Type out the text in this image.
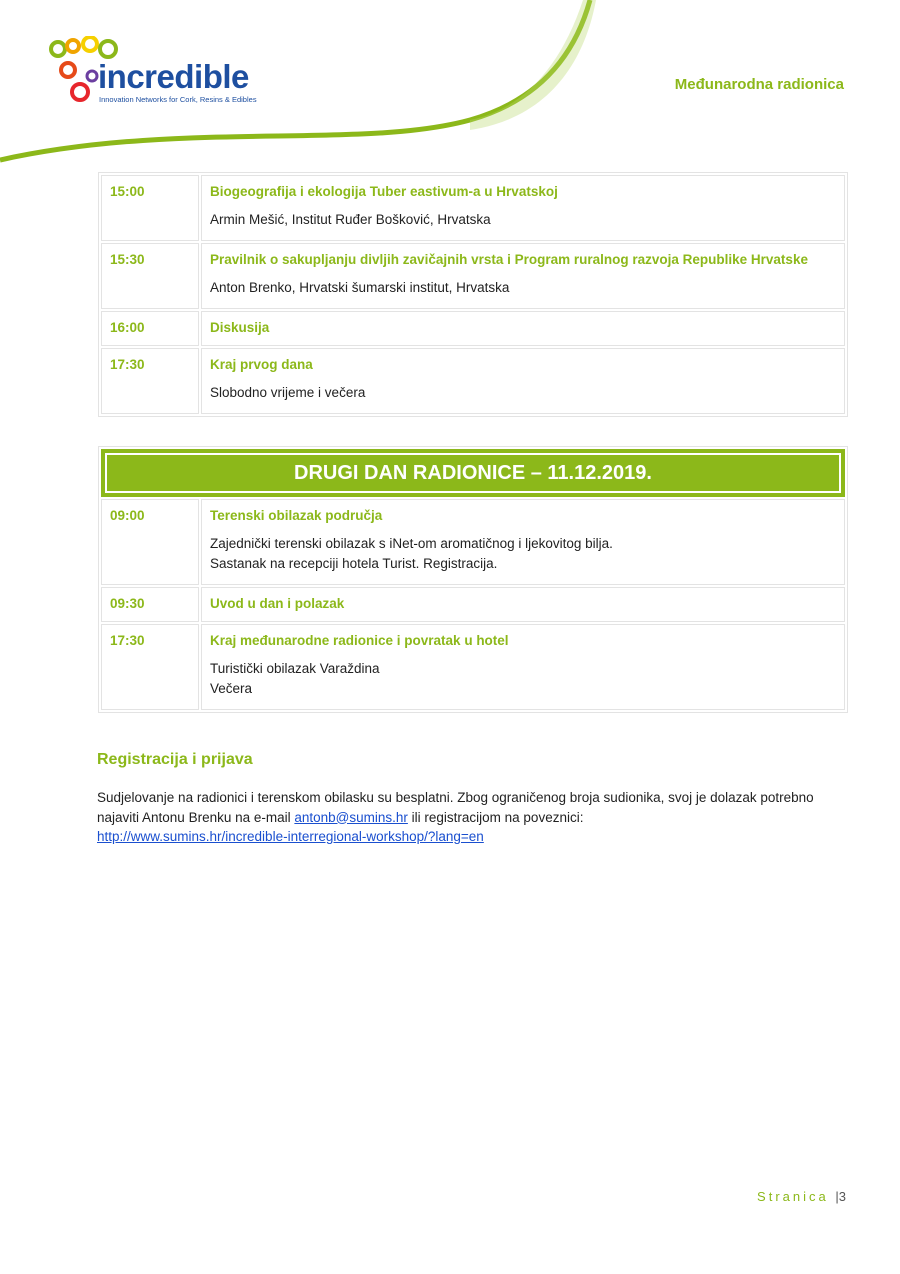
incredible
Innovation Networks for Cork, Resins & Edibles
Međunarodna radionica
15:00	Biogeografija i ekologija Tuber eastivum-a u Hrvatskoj
Armin Mešić, Institut Ruđer Bošković, Hrvatska

15:30	Pravilnik o sakupljanju divljih zavičajnih vrsta i Program ruralnog razvoja Republike Hrvatske
Anton Brenko, Hrvatski šumarski institut, Hrvatska

16:00	Diskusija

17:30	Kraj prvog dana
Slobodno vrijeme i večera
DRUGI DAN RADIONICE – 11.12.2019.	

09:00	Terenski obilazak područja
Zajednički terenski obilazak s iNet-om aromatičnog i ljekovitog bilja.
Sastanak na recepciji hotela Turist. Registracija.

09:30	Uvod u dan i polazak

17:30	Kraj međunarodne radionice i povratak u hotel
Turistički obilazak Varaždina
Večera
Registracija i prijava
Sudjelovanje na radionici i terenskom obilasku su besplatni. Zbog ograničenog broja sudionika, svoj je dolazak potrebno najaviti Antonu Brenku na e-mail antonb@sumins.hr ili registracijom na poveznici:
http://www.sumins.hr/incredible-interregional-workshop/?lang=en
Stranica |3
